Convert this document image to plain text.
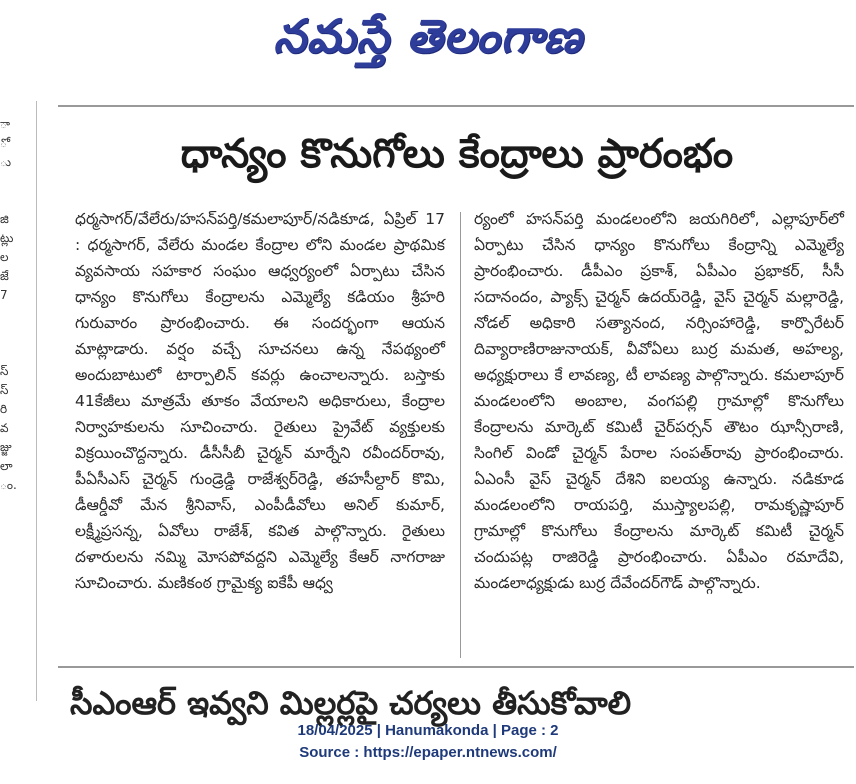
నమస్తే తెలంగాణ
ా
ో
ు

జి
ట్లు
ల
జే
7

స్
స్
రి
వ
జ్జు
లా
ం.
ధాన్యం కొనుగోలు కేంద్రాలు ప్రారంభం
ధర్మసాగర్/వేలేరు/హసన్‌పర్తి/కమలాపూర్/నడికూడ, ఏప్రిల్ 17 : ధర్మసాగర్, వేలేరు మండల కేంద్రాల లోని మండల ప్రాథమిక వ్యవసాయ సహకార సంఘం ఆధ్వర్యంలో ఏర్పాటు చేసిన ధాన్యం కొనుగోలు కేంద్రాలను ఎమ్మెల్యే కడియం శ్రీహరి గురువారం ప్రారంభించారు. ఈ సందర్భంగా ఆయన మాట్లాడారు. వర్షం వచ్చే సూచనలు ఉన్న నేపథ్యంలో అందుబాటులో టార్పాలిన్ కవర్లు ఉంచాలన్నారు. బస్తాకు 41కేజీలు మాత్రమే తూకం వేయాలని అధికారులు, కేంద్రాల నిర్వాహకులను సూచించారు. రైతులు ప్రైవేట్ వ్యక్తులకు విక్రయించొద్దన్నారు. డీసీసీబీ చైర్మన్ మార్నేని రవీందర్‌రావు, పీఏసీఎస్ చైర్మన్ గుండ్రెడ్డి రాజేశ్వర్‌రెడ్డి, తహసీల్దార్ కొమి, డీఆర్డీవో మేన శ్రీనివాస్, ఎంపీడీవోలు అనిల్ కుమార్, లక్ష్మీప్రసన్న, ఏవోలు రాజేశ్, కవిత పాల్గొన్నారు. రైతులు దళారులను నమ్మి మోసపోవద్దని ఎమ్మెల్యే కేఆర్ నాగరాజు సూచించారు. మణికంఠ గ్రామైక్య ఐకేపీ ఆధ్వ
ర్యంలో హసన్‌పర్తి మండలంలోని జయగిరిలో, ఎల్లాపూర్‌లో ఏర్పాటు చేసిన ధాన్యం కొనుగోలు కేంద్రాన్ని ఎమ్మెల్యే ప్రారంభించారు. డీపీఎం ప్రకాశ్, ఏపీఎం ప్రభాకర్, సీసీ సదానందం, ప్యాక్స్ చైర్మన్ ఉదయ్‌రెడ్డి, వైస్ చైర్మన్ మల్లారెడ్డి, నోడల్ అధికారి సత్యానంద, నర్సింహారెడ్డి, కార్పొరేటర్ దివ్యారాణిరాజునాయక్, వీవోఏలు బుర్ర మమత, అహల్య, అధ్యక్షురాలు కే లావణ్య, టీ లావణ్య పాల్గొన్నారు. కమలాపూర్ మండలంలోని అంబాల, వంగపల్లి గ్రామాల్లో కొనుగోలు కేంద్రాలను మార్కెట్ కమిటీ చైర్‌పర్సన్ తౌటం ఝాన్సీరాణి, సింగిల్ విండో చైర్మన్ పేరాల సంపత్‌రావు ప్రారంభించారు. ఏఎంసీ వైస్ చైర్మన్ దేశిని ఐలయ్య ఉన్నారు. నడికూడ మండలంలోని రాయపర్తి, ముస్త్యాలపల్లి, రామకృష్ణాపూర్ గ్రామాల్లో కొనుగోలు కేంద్రాలను మార్కెట్ కమిటీ చైర్మన్ చందుపట్ల రాజిరెడ్డి ప్రారంభించారు. ఏపీఎం రమాదేవి, మండలాధ్యక్షుడు బుర్ర దేవేందర్‌గౌడ్ పాల్గొన్నారు.
సీఎంఆర్ ఇవ్వని మిల్లర్లపై చర్యలు తీసుకోవాలి
18/04/2025 | Hanumakonda | Page : 2
Source : https://epaper.ntnews.com/
